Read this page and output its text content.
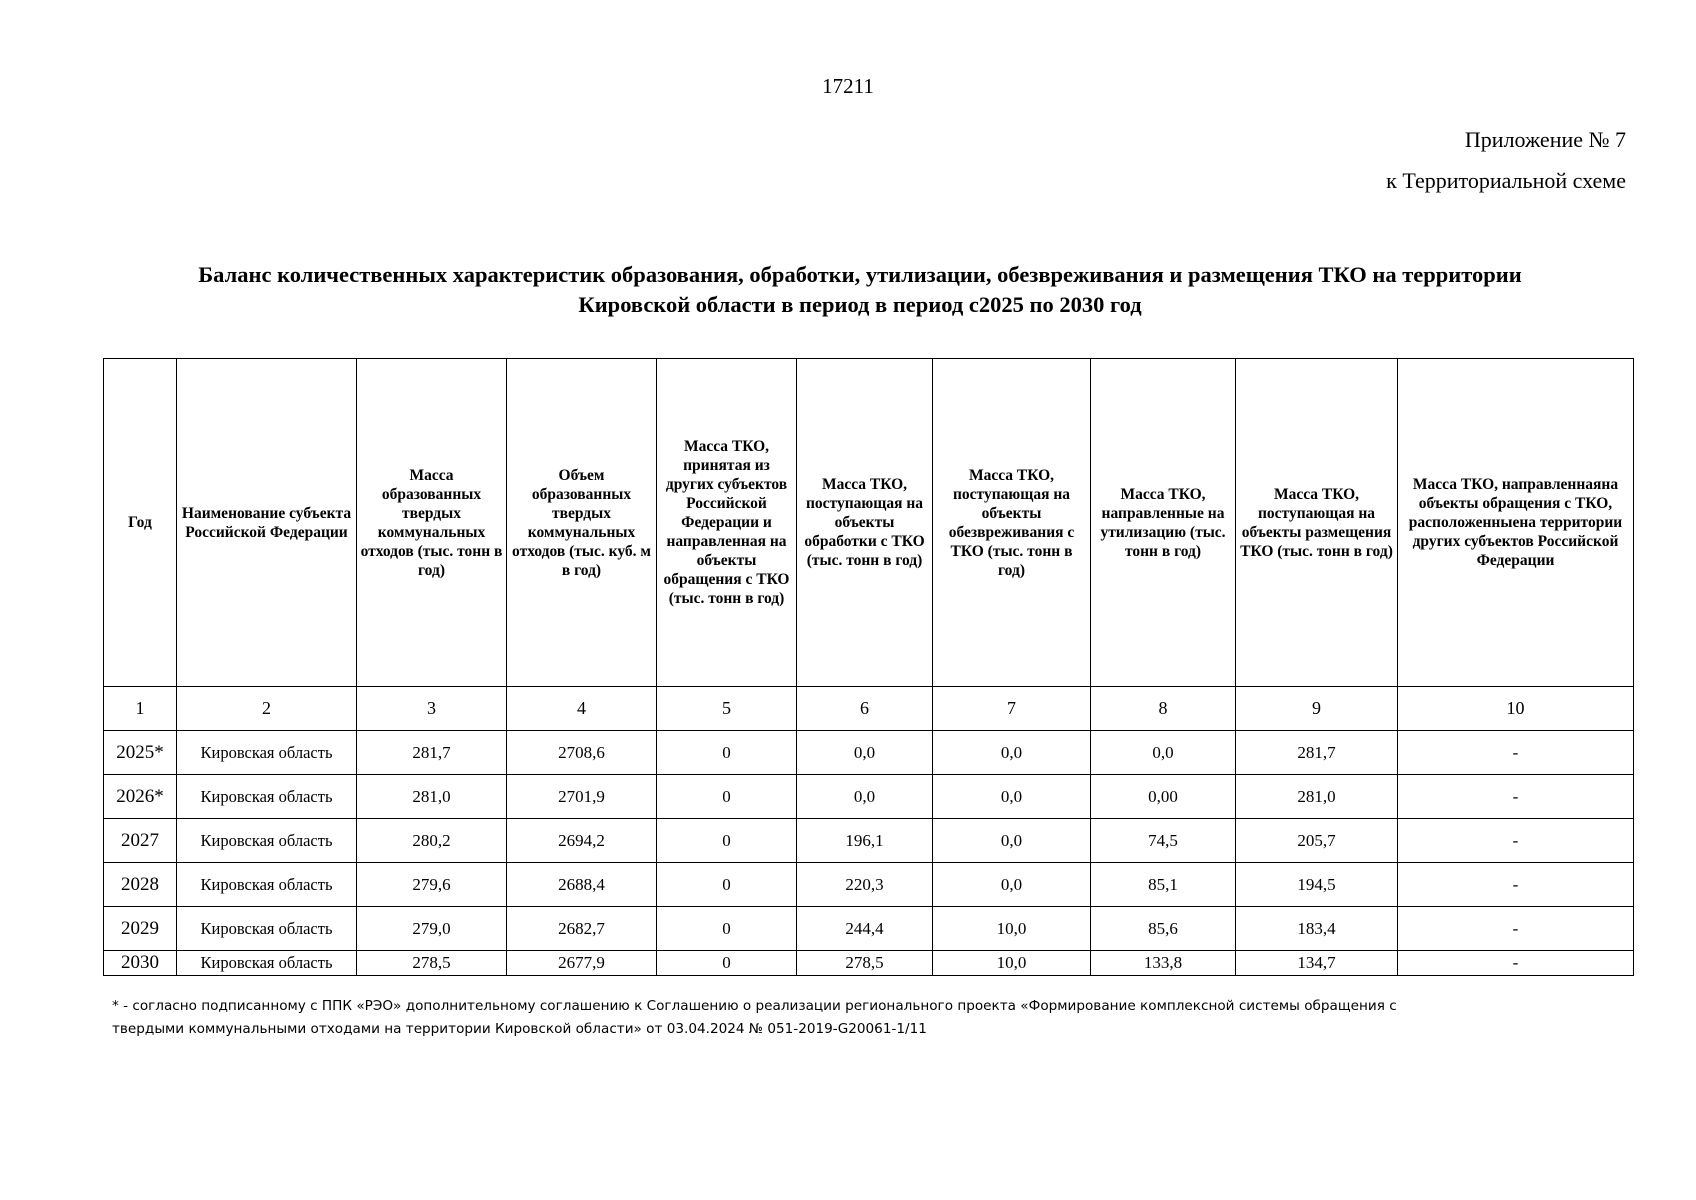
17211
Приложение № 7
к Территориальной схеме
Баланс количественных характеристик образования, обработки, утилизации, обезвреживания и размещения ТКО на территории
Кировской области в период в период с2025 по 2030 год
Год	Наименование субъекта Российской Федерации	Масса образованных твердых коммунальных отходов (тыс. тонн в год)	Объем образованных твердых коммунальных отходов (тыс. куб. м в год)	Масса ТКО, принятая из других субъектов Российской Федерации и направленная на объекты обращения с ТКО (тыс. тонн в год)	Масса ТКО, поступающая на объекты обработки с ТКО (тыс. тонн в год)	Масса ТКО, поступающая на объекты обезвреживания с ТКО (тыс. тонн в год)	Масса ТКО, направленные на утилизацию (тыс. тонн в год)	Масса ТКО, поступающая на объекты размещения ТКО (тыс. тонн в год)	Масса ТКО, направленнаяна объекты обращения с ТКО, расположенныена территории других субъектов Российской Федерации
1	2	3	4	5	6	7	8	9	10
2025*	Кировская область	281,7	2708,6	0	0,0	0,0	0,0	281,7	-
2026*	Кировская область	281,0	2701,9	0	0,0	0,0	0,00	281,0	-
2027	Кировская область	280,2	2694,2	0	196,1	0,0	74,5	205,7	-
2028	Кировская область	279,6	2688,4	0	220,3	0,0	85,1	194,5	-
2029	Кировская область	279,0	2682,7	0	244,4	10,0	85,6	183,4	-
2030	Кировская область	278,5	2677,9	0	278,5	10,0	133,8	134,7	-
* - согласно подписанному с ППК «РЭО» дополнительному соглашению к Соглашению о реализации регионального проекта «Формирование комплексной системы обращения с
твердыми коммунальными отходами на территории Кировской области» от 03.04.2024 № 051-2019-G20061-1/11
